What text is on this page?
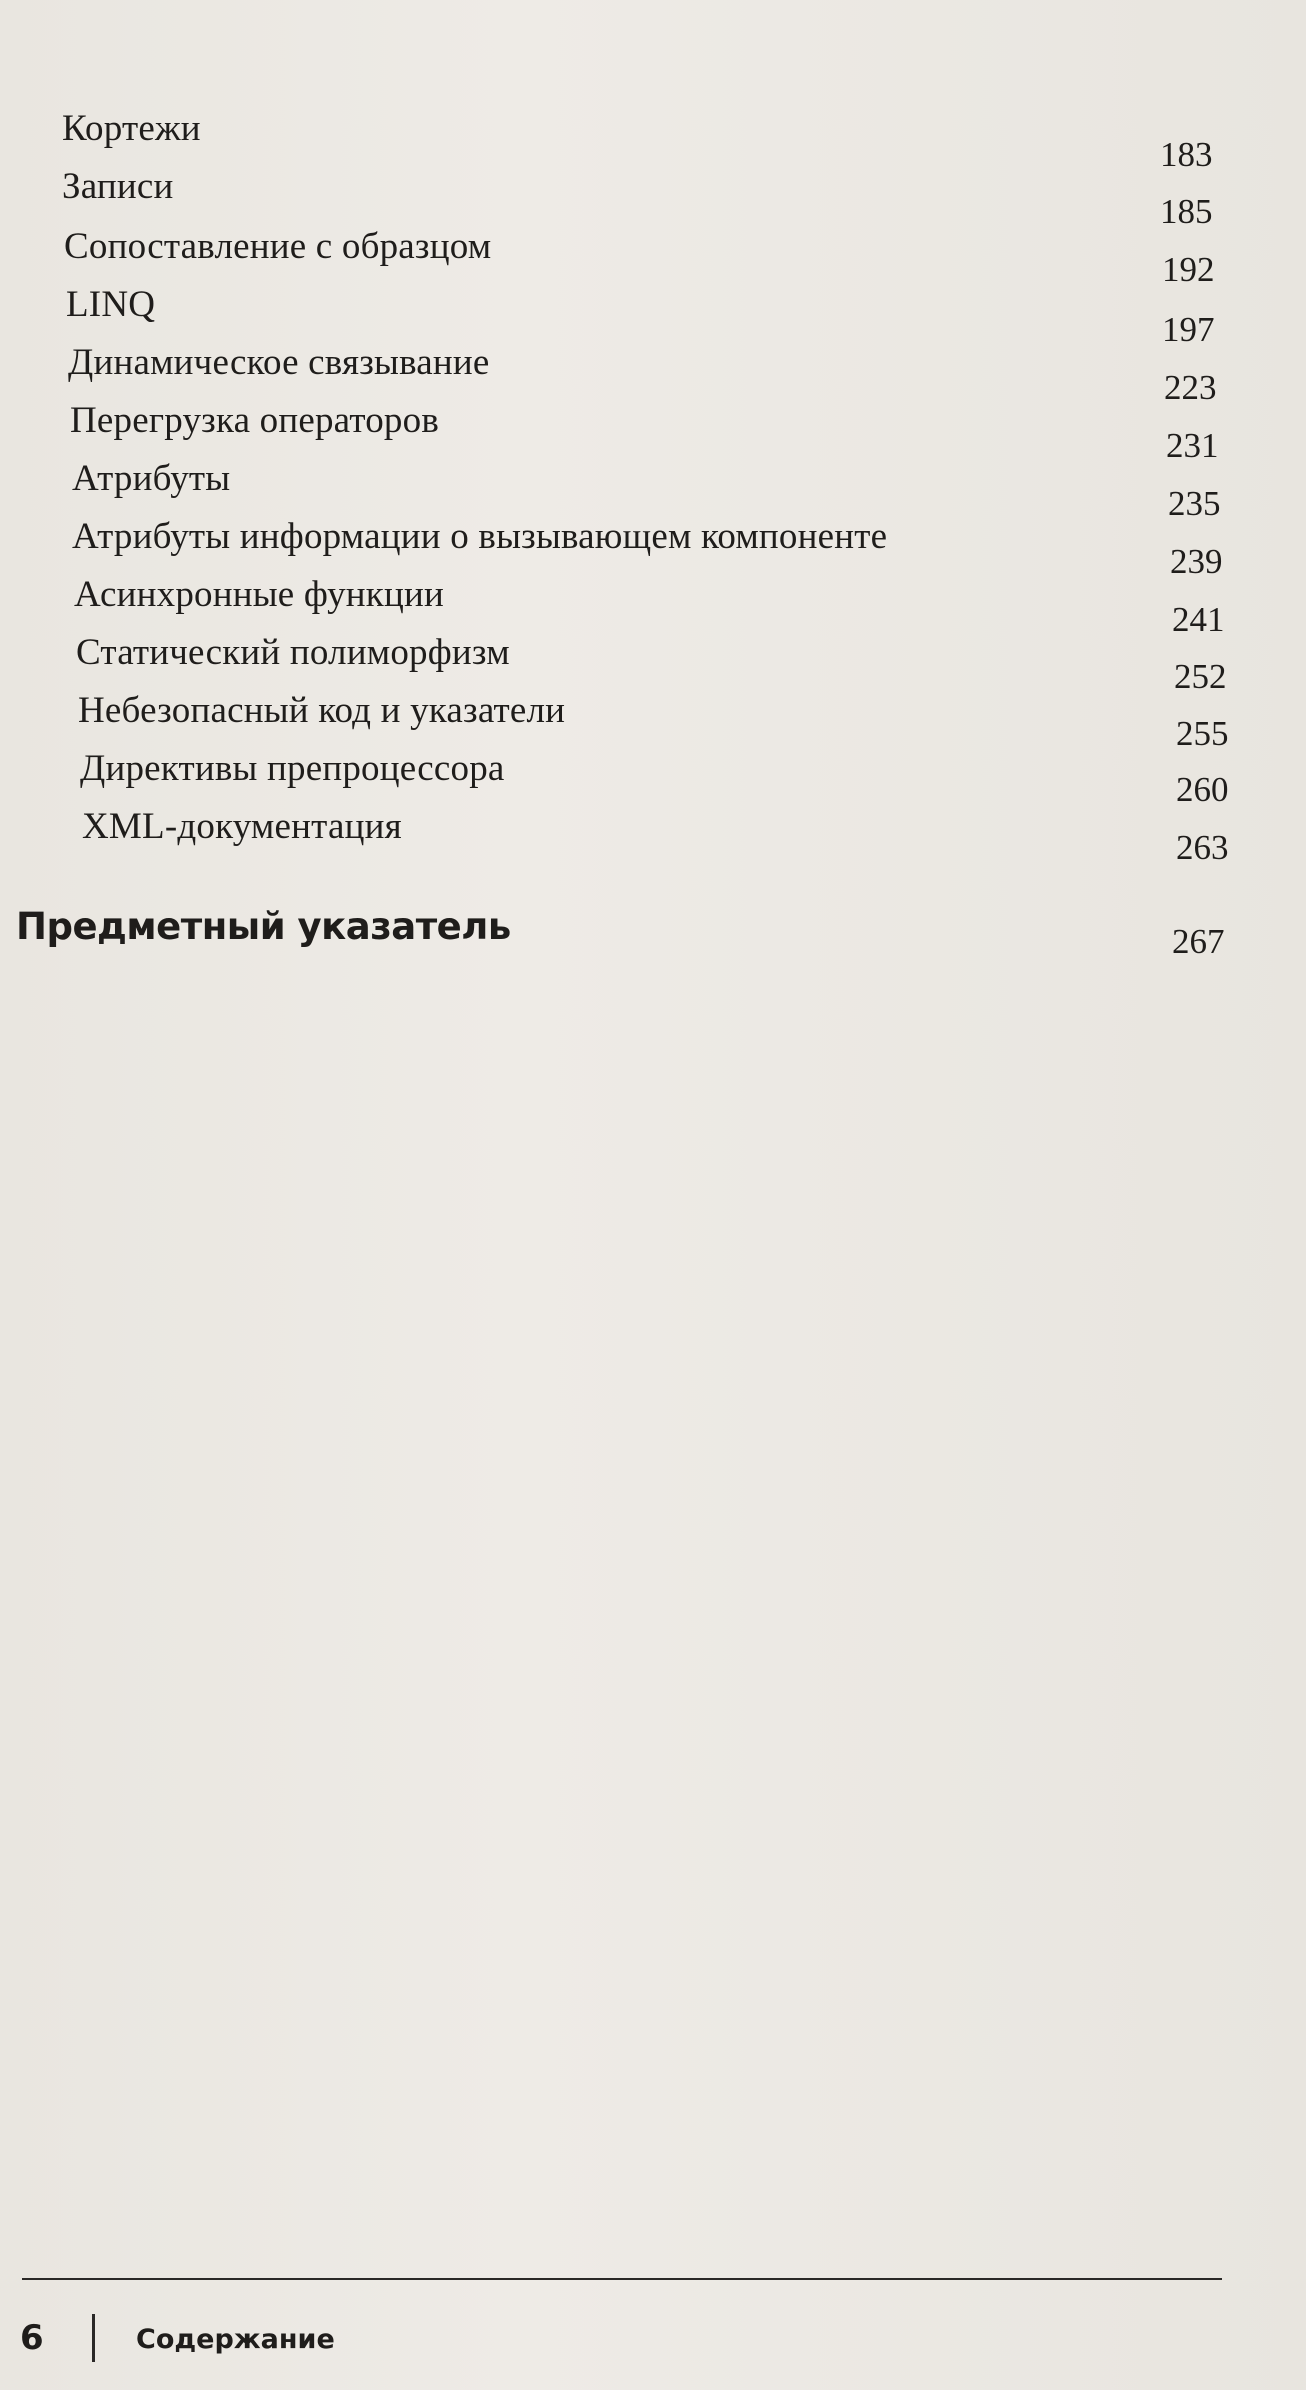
Кортежи
183
Записи
185
Сопоставление с образцом
192
LINQ
197
Динамическое связывание
223
Перегрузка операторов
231
Атрибуты
235
Атрибуты информации о вызывающем компоненте
239
Асинхронные функции
241
Статический полиморфизм
252
Небезопасный код и указатели
255
Директивы препроцессора
260
XML-документация
263
Предметный указатель	267
6	Содержание
